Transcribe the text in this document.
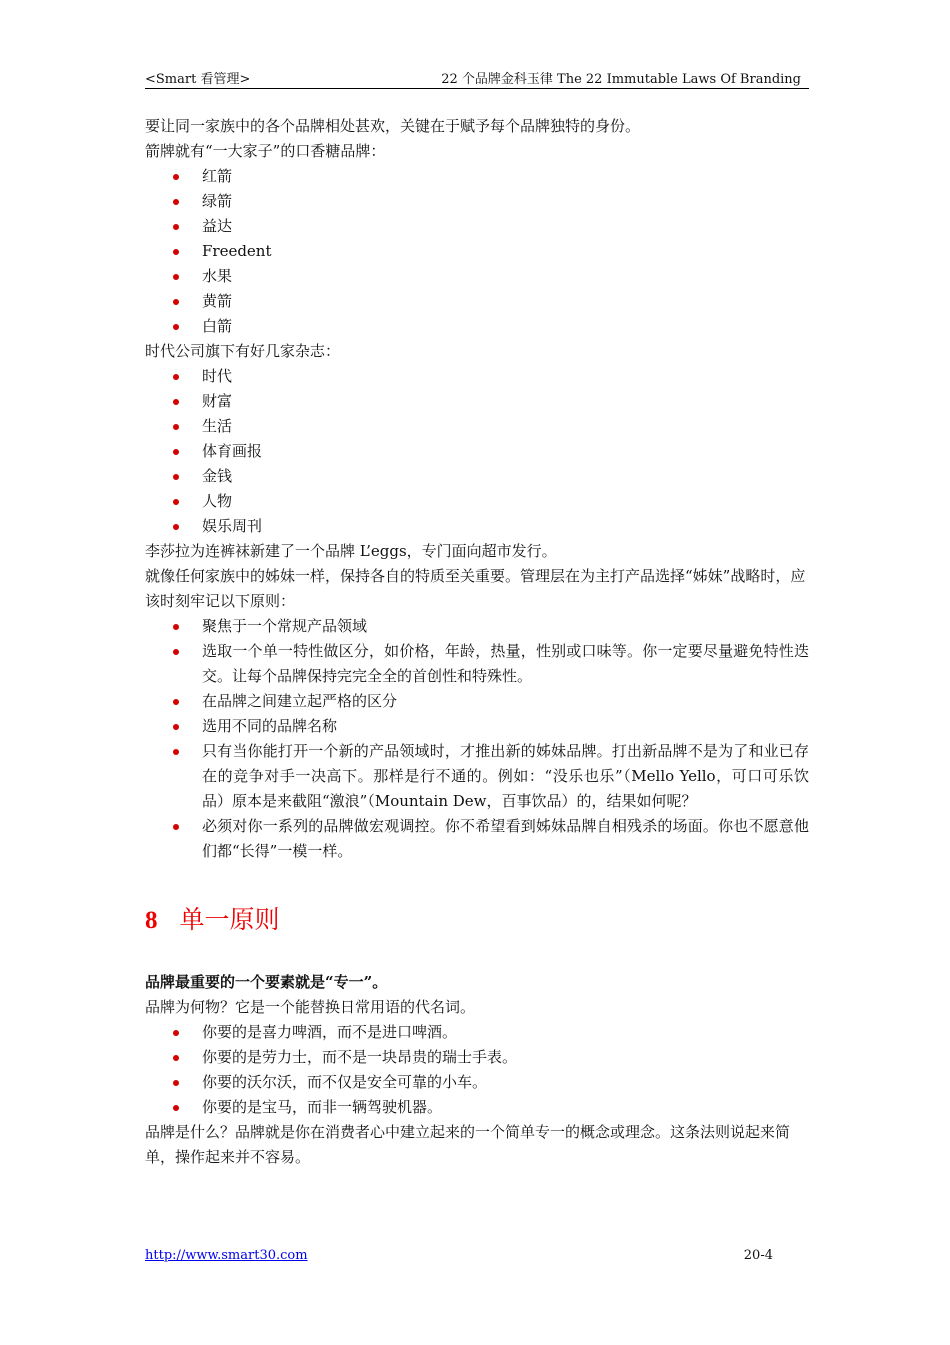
<Smart 看管理>	22 个品牌金科玉律 The 22 Immutable Laws Of Branding

要让同一家族中的各个品牌相处甚欢，关键在于赋予每个品牌独特的身份。

箭牌就有“一大家子”的口香糖品牌：

红箭
绿箭
益达
Freedent
水果
黄箭
白箭

时代公司旗下有好几家杂志：

时代
财富
生活
体育画报
金钱
人物
娱乐周刊

李莎拉为连裤袜新建了一个品牌 L’eggs，专门面向超市发行。

就像任何家族中的姊妹一样，保持各自的特质至关重要。管理层在为主打产品选择“姊妹”战略时，应该时刻牢记以下原则：

聚焦于一个常规产品领域
选取一个单一特性做区分，如价格，年龄，热量，性别或口味等。你一定要尽量避免特性迭交。让每个品牌保持完完全全的首创性和特殊性。
在品牌之间建立起严格的区分
选用不同的品牌名称
只有当你能打开一个新的产品领域时，才推出新的姊妹品牌。打出新品牌不是为了和业已存在的竞争对手一决高下。那样是行不通的。例如：“没乐也乐”（Mello Yello，可口可乐饮品）原本是来截阻“激浪”（Mountain Dew，百事饮品）的，结果如何呢？
必须对你一系列的品牌做宏观调控。你不希望看到姊妹品牌自相残杀的场面。你也不愿意他们都“长得”一模一样。
8 单一原则

品牌最重要的一个要素就是“专一”。

品牌为何物？它是一个能替换日常用语的代名词。

你要的是喜力啤酒，而不是进口啤酒。
你要的是劳力士，而不是一块昂贵的瑞士手表。
你要的沃尔沃，而不仅是安全可靠的小车。
你要的是宝马，而非一辆驾驶机器。

品牌是什么？品牌就是你在消费者心中建立起来的一个简单专一的概念或理念。这条法则说起来简单，操作起来并不容易。

http://www.smart30.com	20-4
